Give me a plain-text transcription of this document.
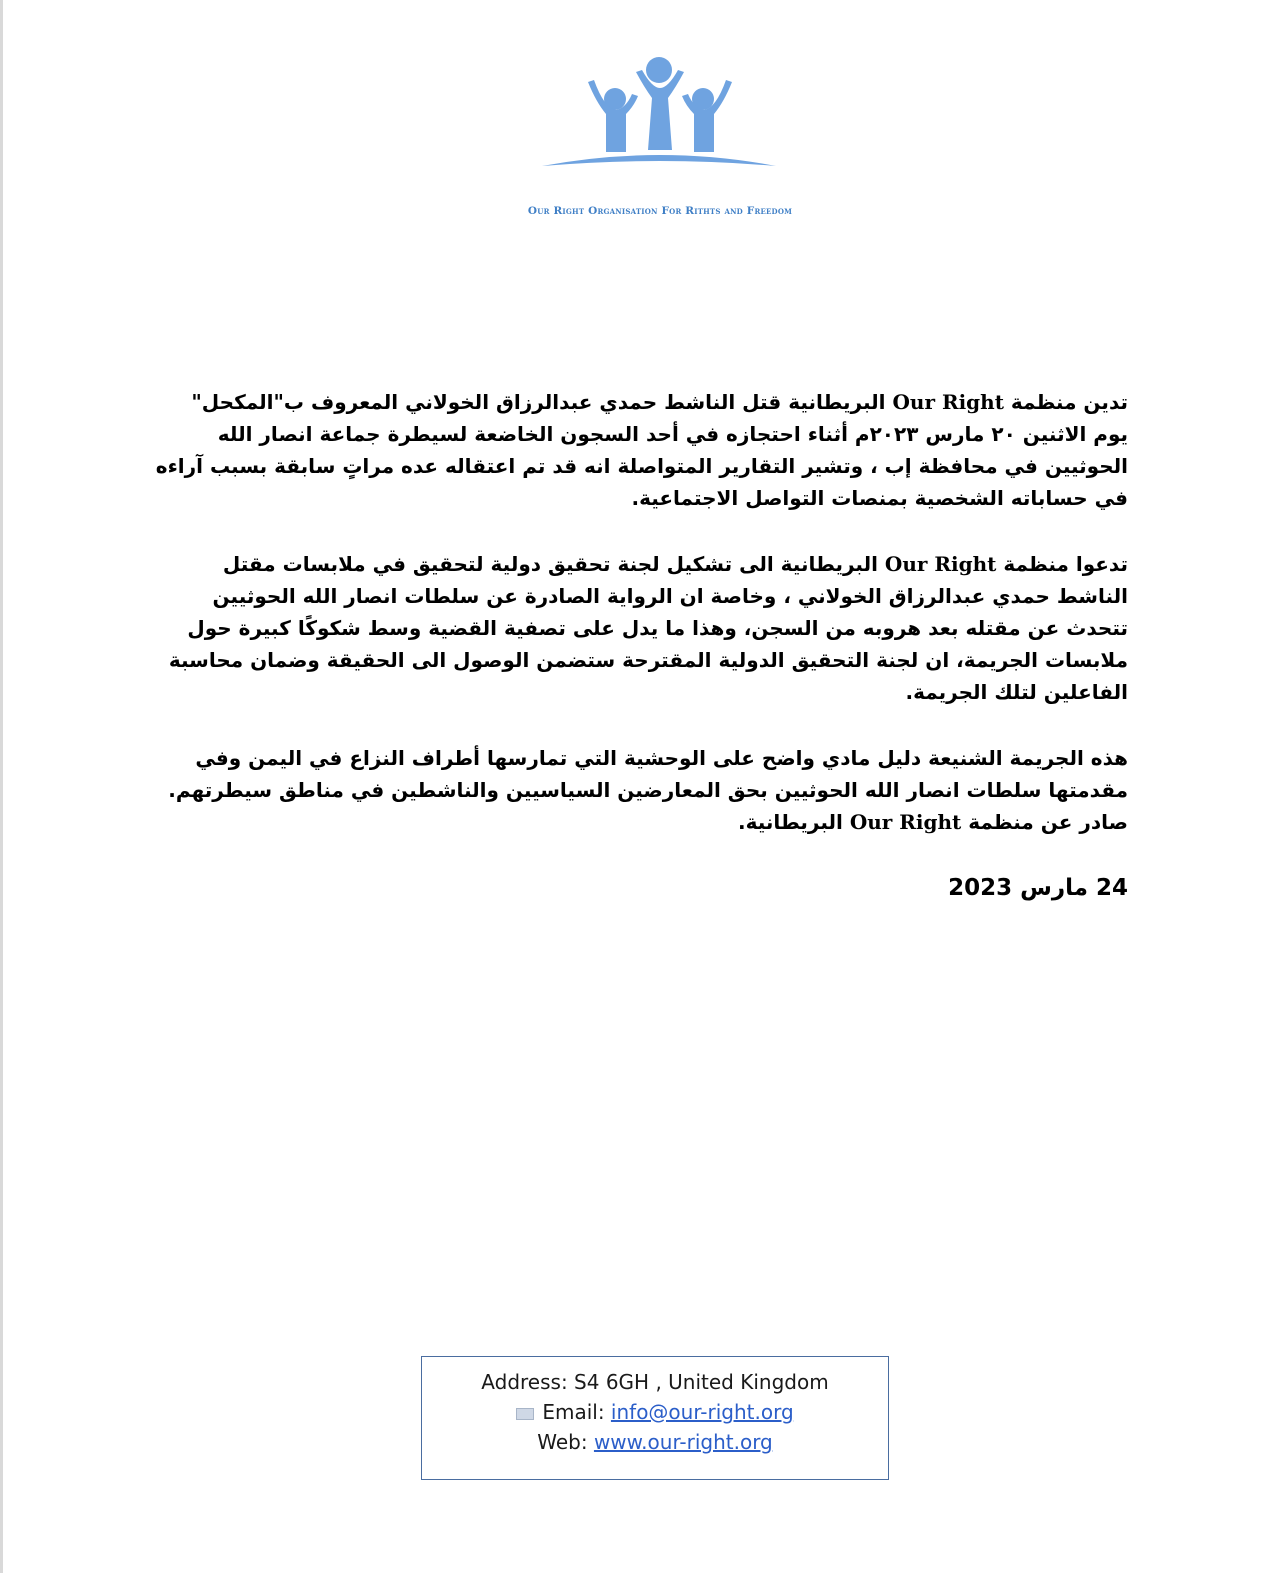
Our Right Organisation For Rithts and Freedom

تدين منظمة Our Right البريطانية قتل الناشط حمدي عبدالرزاق الخولاني المعروف ب"المكحل" يوم الاثنين ٢٠ مارس ٢٠٢٣م أثناء احتجازه في أحد السجون الخاضعة لسيطرة جماعة انصار الله الحوثيين في محافظة إب ، وتشير التقارير المتواصلة انه قد تم اعتقاله عده مراتٍ سابقة بسبب آراءه في حساباته الشخصية بمنصات التواصل الاجتماعية.

تدعوا منظمة Our Right البريطانية الى تشكيل لجنة تحقيق دولية لتحقيق في ملابسات مقتل الناشط حمدي عبدالرزاق الخولاني ، وخاصة ان الرواية الصادرة عن سلطات انصار الله الحوثيين تتحدث عن مقتله بعد هروبه من السجن، وهذا ما يدل على تصفية القضية وسط شكوكًا كبيرة حول ملابسات الجريمة، ان لجنة التحقيق الدولية المقترحة ستضمن الوصول الى الحقيقة وضمان محاسبة الفاعلين لتلك الجريمة.

هذه الجريمة الشنيعة دليل مادي واضح على الوحشية التي تمارسها أطراف النزاع في اليمن وفي مقدمتها سلطات انصار الله الحوثيين بحق المعارضين السياسيين والناشطين في مناطق سيطرتهم.

صادر عن منظمة Our Right البريطانية.

24 مارس 2023

Address: S4 6GH , United Kingdom
Email: info@our-right.org
Web: www.our-right.org
